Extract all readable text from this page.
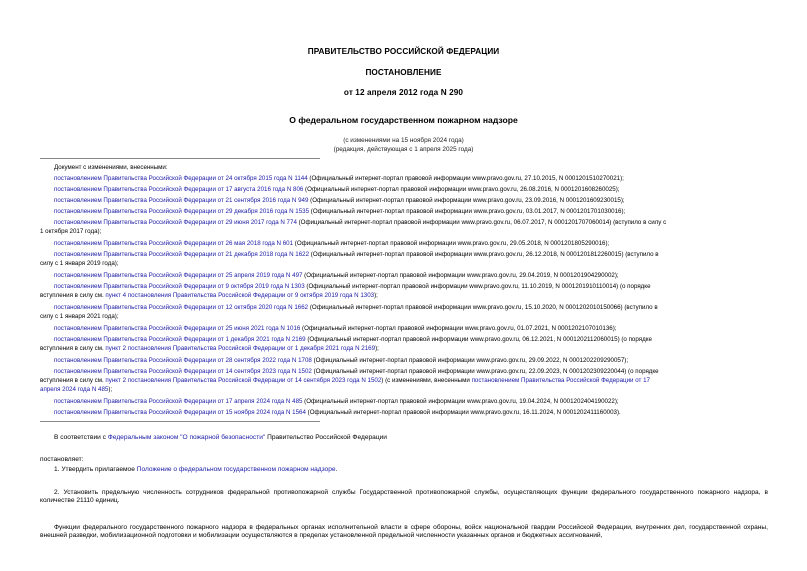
ПРАВИТЕЛЬСТВО РОССИЙСКОЙ ФЕДЕРАЦИИ
ПОСТАНОВЛЕНИЕ
от 12 апреля 2012 года N 290
О федеральном государственном пожарном надзоре
(с изменениями на 15 ноября 2024 года)
(редакция, действующая с 1 апреля 2025 года)
Документ с изменениями, внесенными:
постановлением Правительства Российской Федерации от 24 октября 2015 года N 1144 (Официальный интернет-портал правовой информации www.pravo.gov.ru, 27.10.2015, N 0001201510270021);
постановлением Правительства Российской Федерации от 17 августа 2016 года N 806 (Официальный интернет-портал правовой информации www.pravo.gov.ru, 26.08.2016, N 0001201608260025);
постановлением Правительства Российской Федерации от 21 сентября 2016 года N 949 (Официальный интернет-портал правовой информации www.pravo.gov.ru, 23.09.2016, N 0001201609230015);
постановлением Правительства Российской Федерации от 29 декабря 2016 года N 1535 (Официальный интернет-портал правовой информации www.pravo.gov.ru, 03.01.2017, N 0001201701030016);
постановлением Правительства Российской Федерации от 29 июня 2017 года N 774 (Официальный интернет-портал правовой информации www.pravo.gov.ru, 06.07.2017, N 0001201707060014) (вступило в силу с
1 октября 2017 года);
постановлением Правительства Российской Федерации от 26 мая 2018 года N 601 (Официальный интернет-портал правовой информации www.pravo.gov.ru, 29.05.2018, N 0001201805290016);
постановлением Правительства Российской Федерации от 21 декабря 2018 года N 1622 (Официальный интернет-портал правовой информации www.pravo.gov.ru, 26.12.2018, N 0001201812260015) (вступило в
силу с 1 января 2019 года);
постановлением Правительства Российской Федерации от 25 апреля 2019 года N 497 (Официальный интернет-портал правовой информации www.pravo.gov.ru, 29.04.2019, N 0001201904290002);
постановлением Правительства Российской Федерации от 9 октября 2019 года N 1303 (Официальный интернет-портал правовой информации www.pravo.gov.ru, 11.10.2019, N 0001201910110014) (о порядке
вступления в силу см. пункт 4 постановления Правительства Российской Федерации от 9 октября 2019 года N 1303);
постановлением Правительства Российской Федерации от 12 октября 2020 года N 1662 (Официальный интернет-портал правовой информации www.pravo.gov.ru, 15.10.2020, N 0001202010150066) (вступило в
силу с 1 января 2021 года);
постановлением Правительства Российской Федерации от 25 июня 2021 года N 1016 (Официальный интернет-портал правовой информации www.pravo.gov.ru, 01.07.2021, N 0001202107010136);
постановлением Правительства Российской Федерации от 1 декабря 2021 года N 2169 (Официальный интернет-портал правовой информации www.pravo.gov.ru, 06.12.2021, N 0001202112060015) (о порядке
вступления в силу см. пункт 2 постановления Правительства Российской Федерации от 1 декабря 2021 года N 2169);
постановлением Правительства Российской Федерации от 28 сентября 2022 года N 1708 (Официальный интернет-портал правовой информации www.pravo.gov.ru, 29.09.2022, N 0001202209290057);
постановлением Правительства Российской Федерации от 14 сентября 2023 года N 1502 (Официальный интернет-портал правовой информации www.pravo.gov.ru, 22.09.2023, N 0001202309220044) (о порядке
вступления в силу см. пункт 2 постановления Правительства Российской Федерации от 14 сентября 2023 года N 1502) (с изменениями, внесенными постановлением Правительства Российской Федерации от 17
апреля 2024 года N 485);
постановлением Правительства Российской Федерации от 17 апреля 2024 года N 485 (Официальный интернет-портал правовой информации www.pravo.gov.ru, 19.04.2024, N 0001202404190022);
постановлением Правительства Российской Федерации от 15 ноября 2024 года N 1564 (Официальный интернет-портал правовой информации www.pravo.gov.ru, 16.11.2024, N 0001202411160003).
В соответствии с Федеральным законом "О пожарной безопасности" Правительство Российской Федерации
постановляет:
1. Утвердить прилагаемое Положение о федеральном государственном пожарном надзоре.
2. Установить предельную численность сотрудников федеральной противопожарной службы Государственной противопожарной службы, осуществляющих функции федерального государственного пожарного надзора, в количестве 21110 единиц.
Функции федерального государственного пожарного надзора в федеральных органах исполнительной власти в сфере обороны, войск национальной гвардии Российской Федерации, внутренних дел, государственной охраны, внешней разведки, мобилизационной подготовки и мобилизации осуществляются в пределах установленной предельной численности указанных органов и бюджетных ассигнований,
